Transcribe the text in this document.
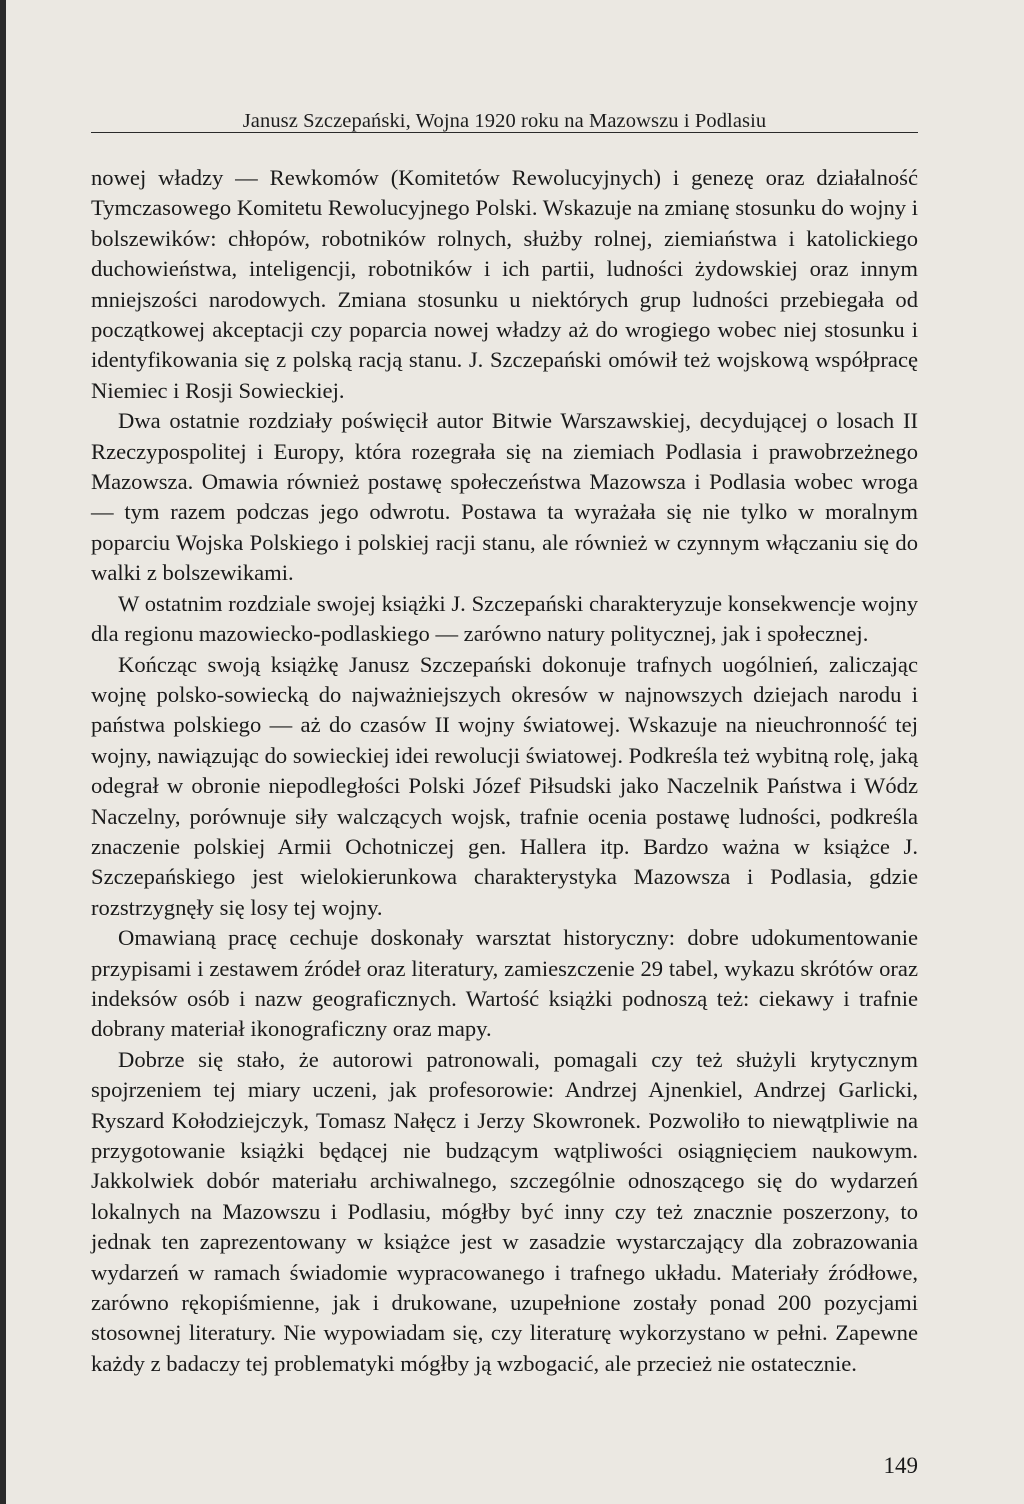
Janusz Szczepański, Wojna 1920 roku na Mazowszu i Podlasiu

nowej władzy — Rewkomów (Komitetów Rewolucyjnych) i genezę oraz działalność Tymczasowego Komitetu Rewolucyjnego Polski. Wskazuje na zmianę stosunku do wojny i bolszewików: chłopów, robotników rolnych, służby rolnej, ziemiaństwa i katolickiego duchowieństwa, inteligencji, robotników i ich partii, ludności żydowskiej oraz innym mniejszości narodowych. Zmiana stosunku u niektórych grup ludności przebiegała od początkowej akceptacji czy poparcia nowej władzy aż do wrogiego wobec niej stosunku i identyfikowania się z polską racją stanu. J. Szczepański omówił też wojskową współpracę Niemiec i Rosji Sowieckiej.

Dwa ostatnie rozdziały poświęcił autor Bitwie Warszawskiej, decydującej o losach II Rzeczypospolitej i Europy, która rozegrała się na ziemiach Podlasia i prawobrzeżnego Mazowsza. Omawia również postawę społeczeństwa Mazowsza i Podlasia wobec wroga — tym razem podczas jego odwrotu. Postawa ta wyrażała się nie tylko w moralnym poparciu Wojska Polskiego i polskiej racji stanu, ale również w czynnym włączaniu się do walki z bolszewikami.

W ostatnim rozdziale swojej książki J. Szczepański charakteryzuje konsekwencje wojny dla regionu mazowiecko-podlaskiego — zarówno natury politycznej, jak i społecznej.

Kończąc swoją książkę Janusz Szczepański dokonuje trafnych uogólnień, zaliczając wojnę polsko-sowiecką do najważniejszych okresów w najnowszych dziejach narodu i państwa polskiego — aż do czasów II wojny światowej. Wskazuje na nieuchronność tej wojny, nawiązując do sowieckiej idei rewolucji światowej. Podkreśla też wybitną rolę, jaką odegrał w obronie niepodległości Polski Józef Piłsudski jako Naczelnik Państwa i Wódz Naczelny, porównuje siły walczących wojsk, trafnie ocenia postawę ludności, podkreśla znaczenie polskiej Armii Ochotniczej gen. Hallera itp. Bardzo ważna w książce J. Szczepańskiego jest wielokierunkowa charakterystyka Mazowsza i Podlasia, gdzie rozstrzygnęły się losy tej wojny.

Omawianą pracę cechuje doskonały warsztat historyczny: dobre udokumentowanie przypisami i zestawem źródeł oraz literatury, zamieszczenie 29 tabel, wykazu skrótów oraz indeksów osób i nazw geograficznych. Wartość książki podnoszą też: ciekawy i trafnie dobrany materiał ikonograficzny oraz mapy.

Dobrze się stało, że autorowi patronowali, pomagali czy też służyli krytycznym spojrzeniem tej miary uczeni, jak profesorowie: Andrzej Ajnenkiel, Andrzej Garlicki, Ryszard Kołodziejczyk, Tomasz Nałęcz i Jerzy Skowronek. Pozwoliło to niewątpliwie na przygotowanie książki będącej nie budzącym wątpliwości osiągnięciem naukowym. Jakkolwiek dobór materiału archiwalnego, szczególnie odnoszącego się do wydarzeń lokalnych na Mazowszu i Podlasiu, mógłby być inny czy też znacznie poszerzony, to jednak ten zaprezentowany w książce jest w zasadzie wystarczający dla zobrazowania wydarzeń w ramach świadomie wypracowanego i trafnego układu. Materiały źródłowe, zarówno rękopiśmienne, jak i drukowane, uzupełnione zostały ponad 200 pozycjami stosownej literatury. Nie wypowiadam się, czy literaturę wykorzystano w pełni. Zapewne każdy z badaczy tej problematyki mógłby ją wzbogacić, ale przecież nie ostatecznie.

149
